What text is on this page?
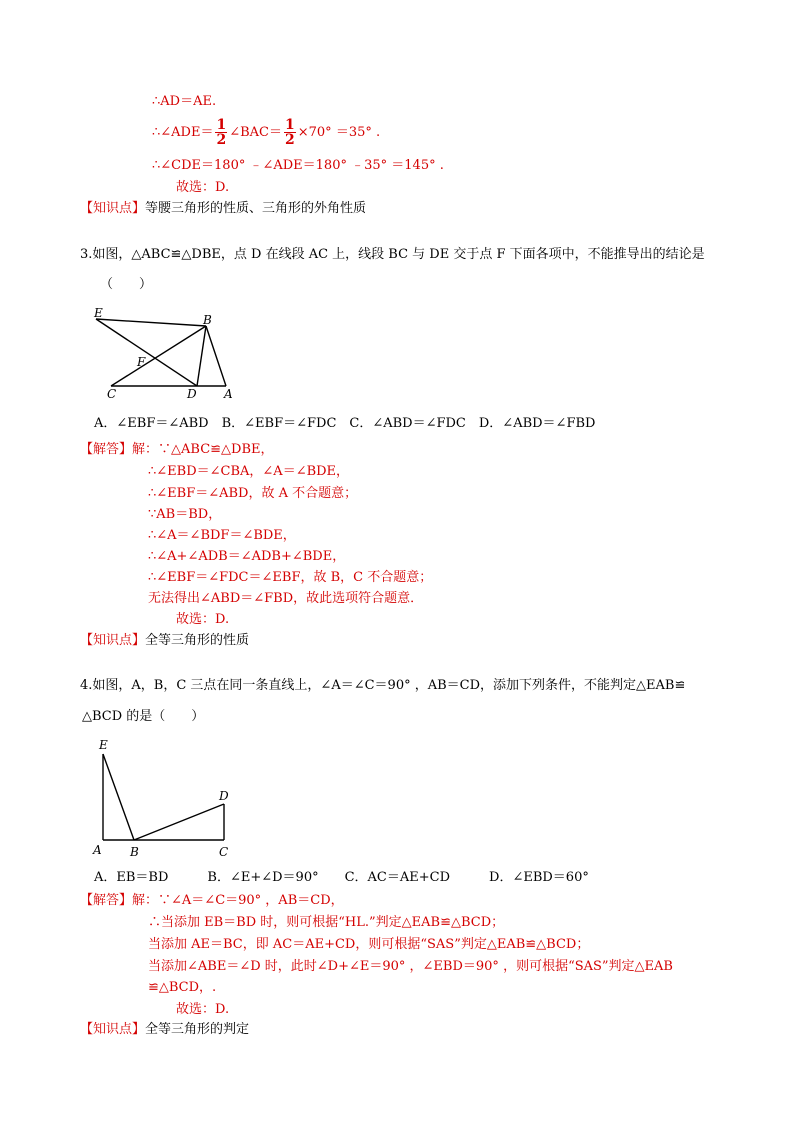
∴AD＝AE.
∴∠ADE＝ $\frac{1}{2}$ ∠BAC＝ $\frac{1}{2} \times 70^\circ =35^\circ$ .
∴∠CDE＝180° ﹣∠ADE＝180° ﹣35° ＝145° .
故选：D.
【知识点】等腰三角形的性质、三角形的外角性质
3.如图，△ABC≌△DBE，点 D 在线段 AC 上，线段 BC 与 DE 交于点 F 下面各项中，不能推导出的结论是
（　　）
E	B
F
C	D A
A．∠EBF＝∠ABD　B．∠EBF＝∠FDC　C．∠ABD＝∠FDC　D．∠ABD＝∠FBD
【解答】解：∵△ABC≌△DBE，
∴∠EBD＝∠CBA，∠A＝∠BDE，
∴∠EBF＝∠ABD，故 A 不合题意；
∵AB＝BD，
∴∠A＝∠BDF＝∠BDE，
∴∠A+∠ADB＝∠ADB+∠BDE，
∴∠EBF＝∠FDC＝∠EBF，故 B，C 不合题意；
无法得出∠ABD＝∠FBD，故此选项符合题意．
故选：D.
【知识点】全等三角形的性质
4.如图，A，B，C 三点在同一条直线上，∠A＝∠C＝90° ，AB＝CD，添加下列条件，不能判定△EAB≌
△BCD 的是（　　）
E
D
A B	C
A．EB＝BD　　　B．∠E+∠D＝90°　　C．AC＝AE+CD　　　D．∠EBD＝60°
【解答】解：∵∠A＝∠C＝90° ，AB＝CD，
∴当添加 EB＝BD 时，则可根据“HL.”判定△EAB≌△BCD；
当添加 AE＝BC，即 AC＝AE+CD，则可根据“SAS”判定△EAB≌△BCD；
当添加∠ABE＝∠D 时，此时∠D+∠E＝90° ，∠EBD＝90° ，则可根据“SAS”判定△EAB
≌△BCD，.
故选：D.
【知识点】全等三角形的判定
